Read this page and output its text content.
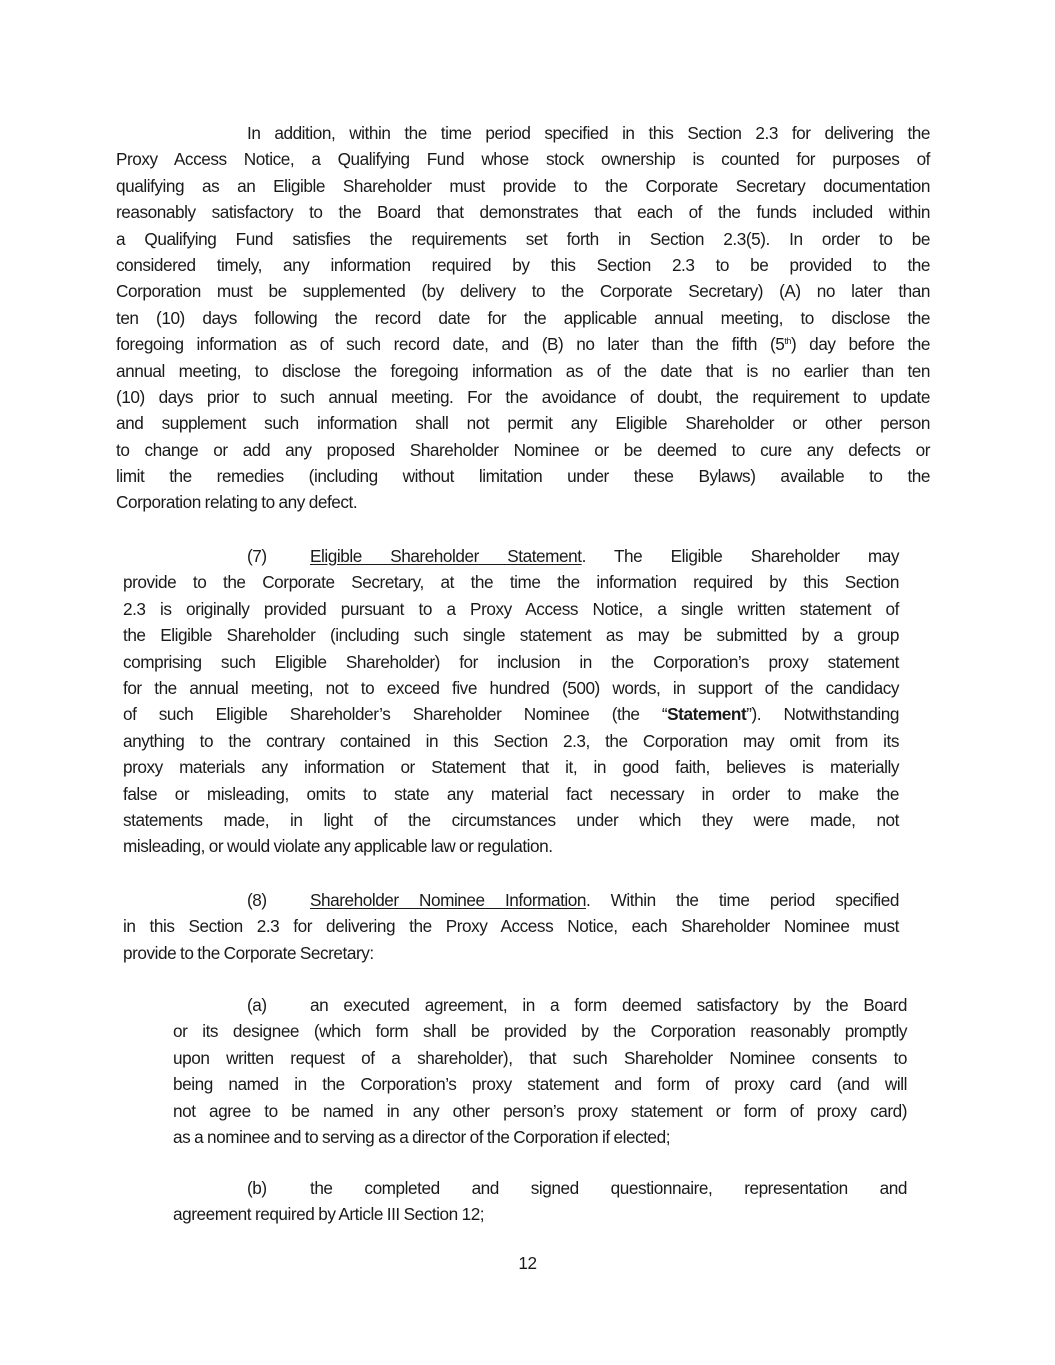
In addition, within the time period specified in this Section 2.3 for delivering the
Proxy Access Notice, a Qualifying Fund whose stock ownership is counted for purposes of
qualifying as an Eligible Shareholder must provide to the Corporate Secretary documentation
reasonably satisfactory to the Board that demonstrates that each of the funds included within
a Qualifying Fund satisfies the requirements set forth in Section 2.3(5). In order to be
considered timely, any information required by this Section 2.3 to be provided to the
Corporation must be supplemented (by delivery to the Corporate Secretary) (A) no later than
ten (10) days following the record date for the applicable annual meeting, to disclose the
foregoing information as of such record date, and (B) no later than the fifth (5th) day before the
annual meeting, to disclose the foregoing information as of the date that is no earlier than ten
(10) days prior to such annual meeting. For the avoidance of doubt, the requirement to update
and supplement such information shall not permit any Eligible Shareholder or other person
to change or add any proposed Shareholder Nominee or be deemed to cure any defects or
limit the remedies (including without limitation under these Bylaws) available to the
Corporation relating to any defect.
(7)	Eligible Shareholder Statement. The Eligible Shareholder may
provide to the Corporate Secretary, at the time the information required by this Section
2.3 is originally provided pursuant to a Proxy Access Notice, a single written statement of
the Eligible Shareholder (including such single statement as may be submitted by a group
comprising such Eligible Shareholder) for inclusion in the Corporation’s proxy statement
for the annual meeting, not to exceed five hundred (500) words, in support of the candidacy
of such Eligible Shareholder’s Shareholder Nominee (the “Statement”). Notwithstanding
anything to the contrary contained in this Section 2.3, the Corporation may omit from its
proxy materials any information or Statement that it, in good faith, believes is materially
false or misleading, omits to state any material fact necessary in order to make the
statements made, in light of the circumstances under which they were made, not
misleading, or would violate any applicable law or regulation.
(8)	Shareholder Nominee Information. Within the time period specified
in this Section 2.3 for delivering the Proxy Access Notice, each Shareholder Nominee must
provide to the Corporate Secretary:
(a)	an executed agreement, in a form deemed satisfactory by the Board
or its designee (which form shall be provided by the Corporation reasonably promptly
upon written request of a shareholder), that such Shareholder Nominee consents to
being named in the Corporation’s proxy statement and form of proxy card (and will
not agree to be named in any other person’s proxy statement or form of proxy card)
as a nominee and to serving as a director of the Corporation if elected;
(b)	the completed and signed questionnaire, representation and
agreement required by Article III Section 12;
12
